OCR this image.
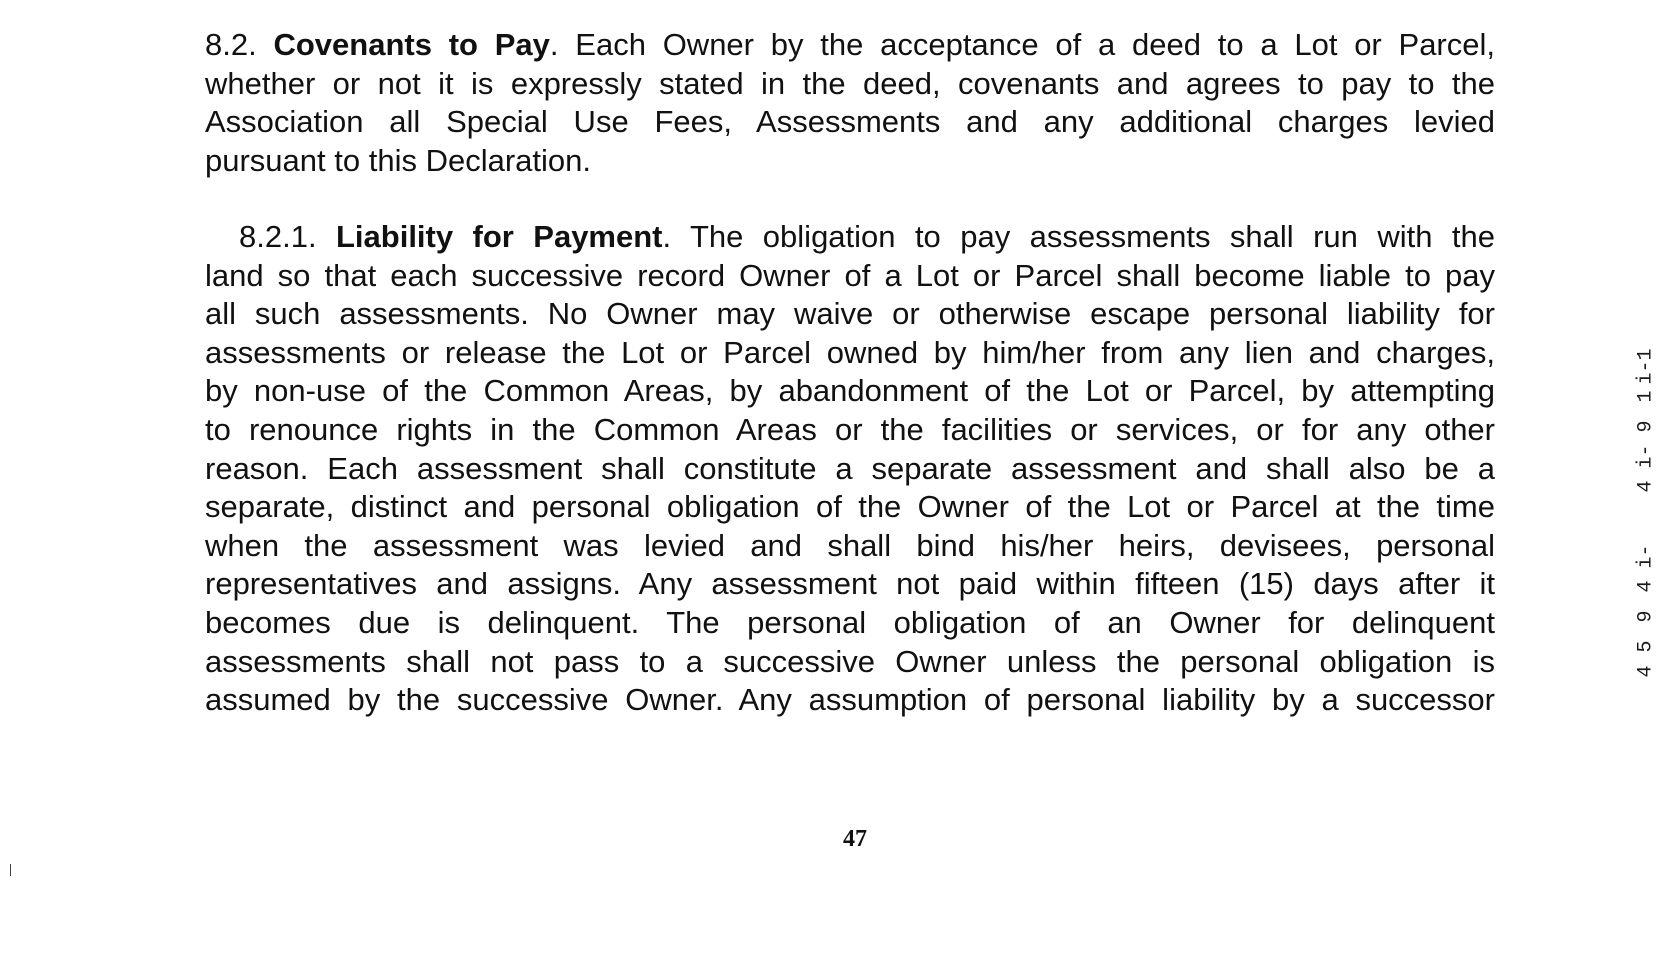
8.2. Covenants to Pay. Each Owner by the acceptance of a deed to a Lot or Parcel,
whether or not it is expressly stated in the deed, covenants and agrees to pay to the
Association all Special Use Fees, Assessments and any additional charges levied
pursuant to this Declaration.
8.2.1. Liability for Payment. The obligation to pay assessments shall run with the
land so that each successive record Owner of a Lot or Parcel shall become liable to pay
all such assessments. No Owner may waive or otherwise escape personal liability for
assessments or release the Lot or Parcel owned by him/her from any lien and charges,
by non-use of the Common Areas, by abandonment of the Lot or Parcel, by attempting
to renounce rights in the Common Areas or the facilities or services, or for any other
reason. Each assessment shall constitute a separate assessment and shall also be a
separate, distinct and personal obligation of the Owner of the Lot or Parcel at the time
when the assessment was levied and shall bind his/her heirs, devisees, personal
representatives and assigns. Any assessment not paid within fifteen (15) days after it
becomes due is delinquent. The personal obligation of an Owner for delinquent
assessments shall not pass to a successive Owner unless the personal obligation is
assumed by the successive Owner. Any assumption of personal liability by a successor
47
i-1
1
9
i-
4
i-
4
9
5
4
